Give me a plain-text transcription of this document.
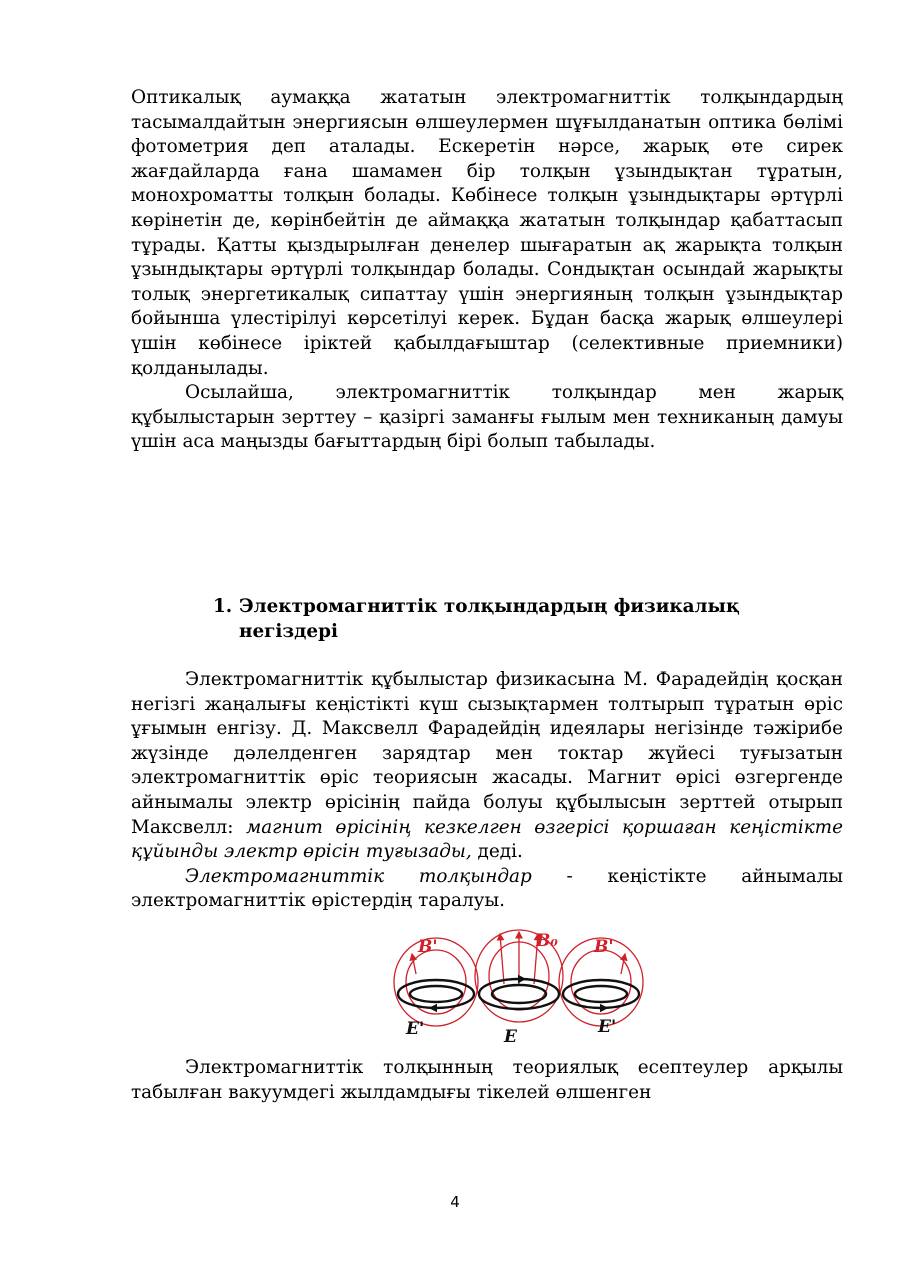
Оптикалық аумаққа жататын электромагниттік толқындардың тасымалдайтын энергиясын өлшеулермен шұғылданатын оптика бөлімі фотометрия деп аталады. Ескеретін нәрсе, жарық өте сирек жағдайларда ғана шамамен бір толқын ұзындықтан тұратын, монохроматты толқын болады. Көбінесе толқын ұзындықтары әртүрлі көрінетін де, көрінбейтін де аймаққа жататын толқындар қабаттасып тұрады. Қатты қыздырылған денелер шығаратын ақ жарықта толқын ұзындықтары әртүрлі толқындар болады. Сондықтан осындай жарықты толық энергетикалық сипаттау үшін энергияның толқын ұзындықтар бойынша үлестірілуі көрсетілуі керек. Бұдан басқа жарық өлшеулері үшін көбінесе іріктей қабылдағыштар (селективные приемники) қолданылады.

Осылайша, электромагниттік толқындар мен жарық құбылыстарын зерттеу – қазіргі заманғы ғылым мен техниканың дамуы үшін аса маңызды бағыттардың бірі болып табылады.

1. Электромагниттік толқындардың физикалық негіздері

Электромагниттік құбылыстар физикасына М. Фарадейдің қосқан негізгі жаңалығы кеңістікті күш сызықтармен толтырып тұратын өріс ұғымын енгізу. Д. Максвелл Фарадейдің идеялары негізінде тәжірибе жүзінде дәлелденген зарядтар мен токтар жүйесі туғызатын электромагниттік өріс теориясын жасады. Магнит өрісі өзгергенде айнымалы электр өрісінің пайда болуы құбылысын зерттей отырып Максвелл: магнит өрісінің кезкелген өзгерісі қоршаған кеңістікте құйынды электр өрісін туғызады, деді.

Электромагниттік толқындар - кеңістікте айнымалы электромагниттік өрістердің таралуы.

B'	B₀ B'
E'	E	E'

Электромагниттік толқынның теориялық есептеулер арқылы табылған вакуумдегі жылдамдығы тікелей өлшенген

4
